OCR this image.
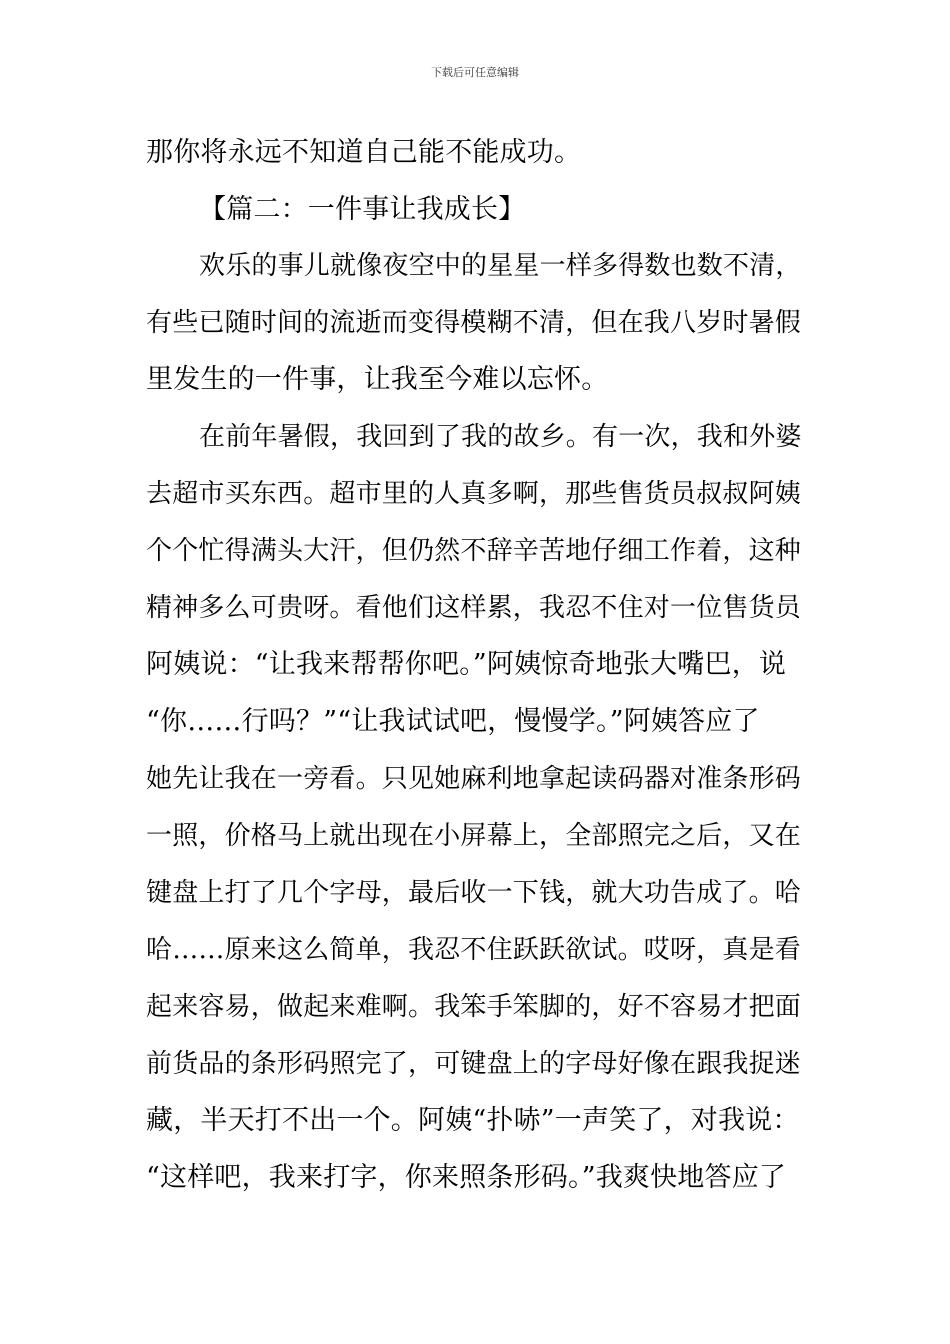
下载后可任意编辑
那你将永远不知道自己能不能成功。
【篇二：一件事让我成长】
欢乐的事儿就像夜空中的星星一样多得数也数不清，
有些已随时间的流逝而变得模糊不清，但在我八岁时暑假
里发生的一件事，让我至今难以忘怀。
在前年暑假，我回到了我的故乡。有一次，我和外婆
去超市买东西。超市里的人真多啊，那些售货员叔叔阿姨
个个忙得满头大汗，但仍然不辞辛苦地仔细工作着，这种
精神多么可贵呀。看他们这样累，我忍不住对一位售货员
阿姨说：“让我来帮帮你吧。”阿姨惊奇地张大嘴巴，说
“你……行吗？”“让我试试吧，慢慢学。”阿姨答应了
她先让我在一旁看。只见她麻利地拿起读码器对准条形码
一照，价格马上就出现在小屏幕上，全部照完之后，又在
键盘上打了几个字母，最后收一下钱，就大功告成了。哈
哈……原来这么简单，我忍不住跃跃欲试。哎呀，真是看
起来容易，做起来难啊。我笨手笨脚的，好不容易才把面
前货品的条形码照完了，可键盘上的字母好像在跟我捉迷
藏，半天打不出一个。阿姨“扑哧”一声笑了，对我说：
“这样吧，我来打字，你来照条形码。”我爽快地答应了
